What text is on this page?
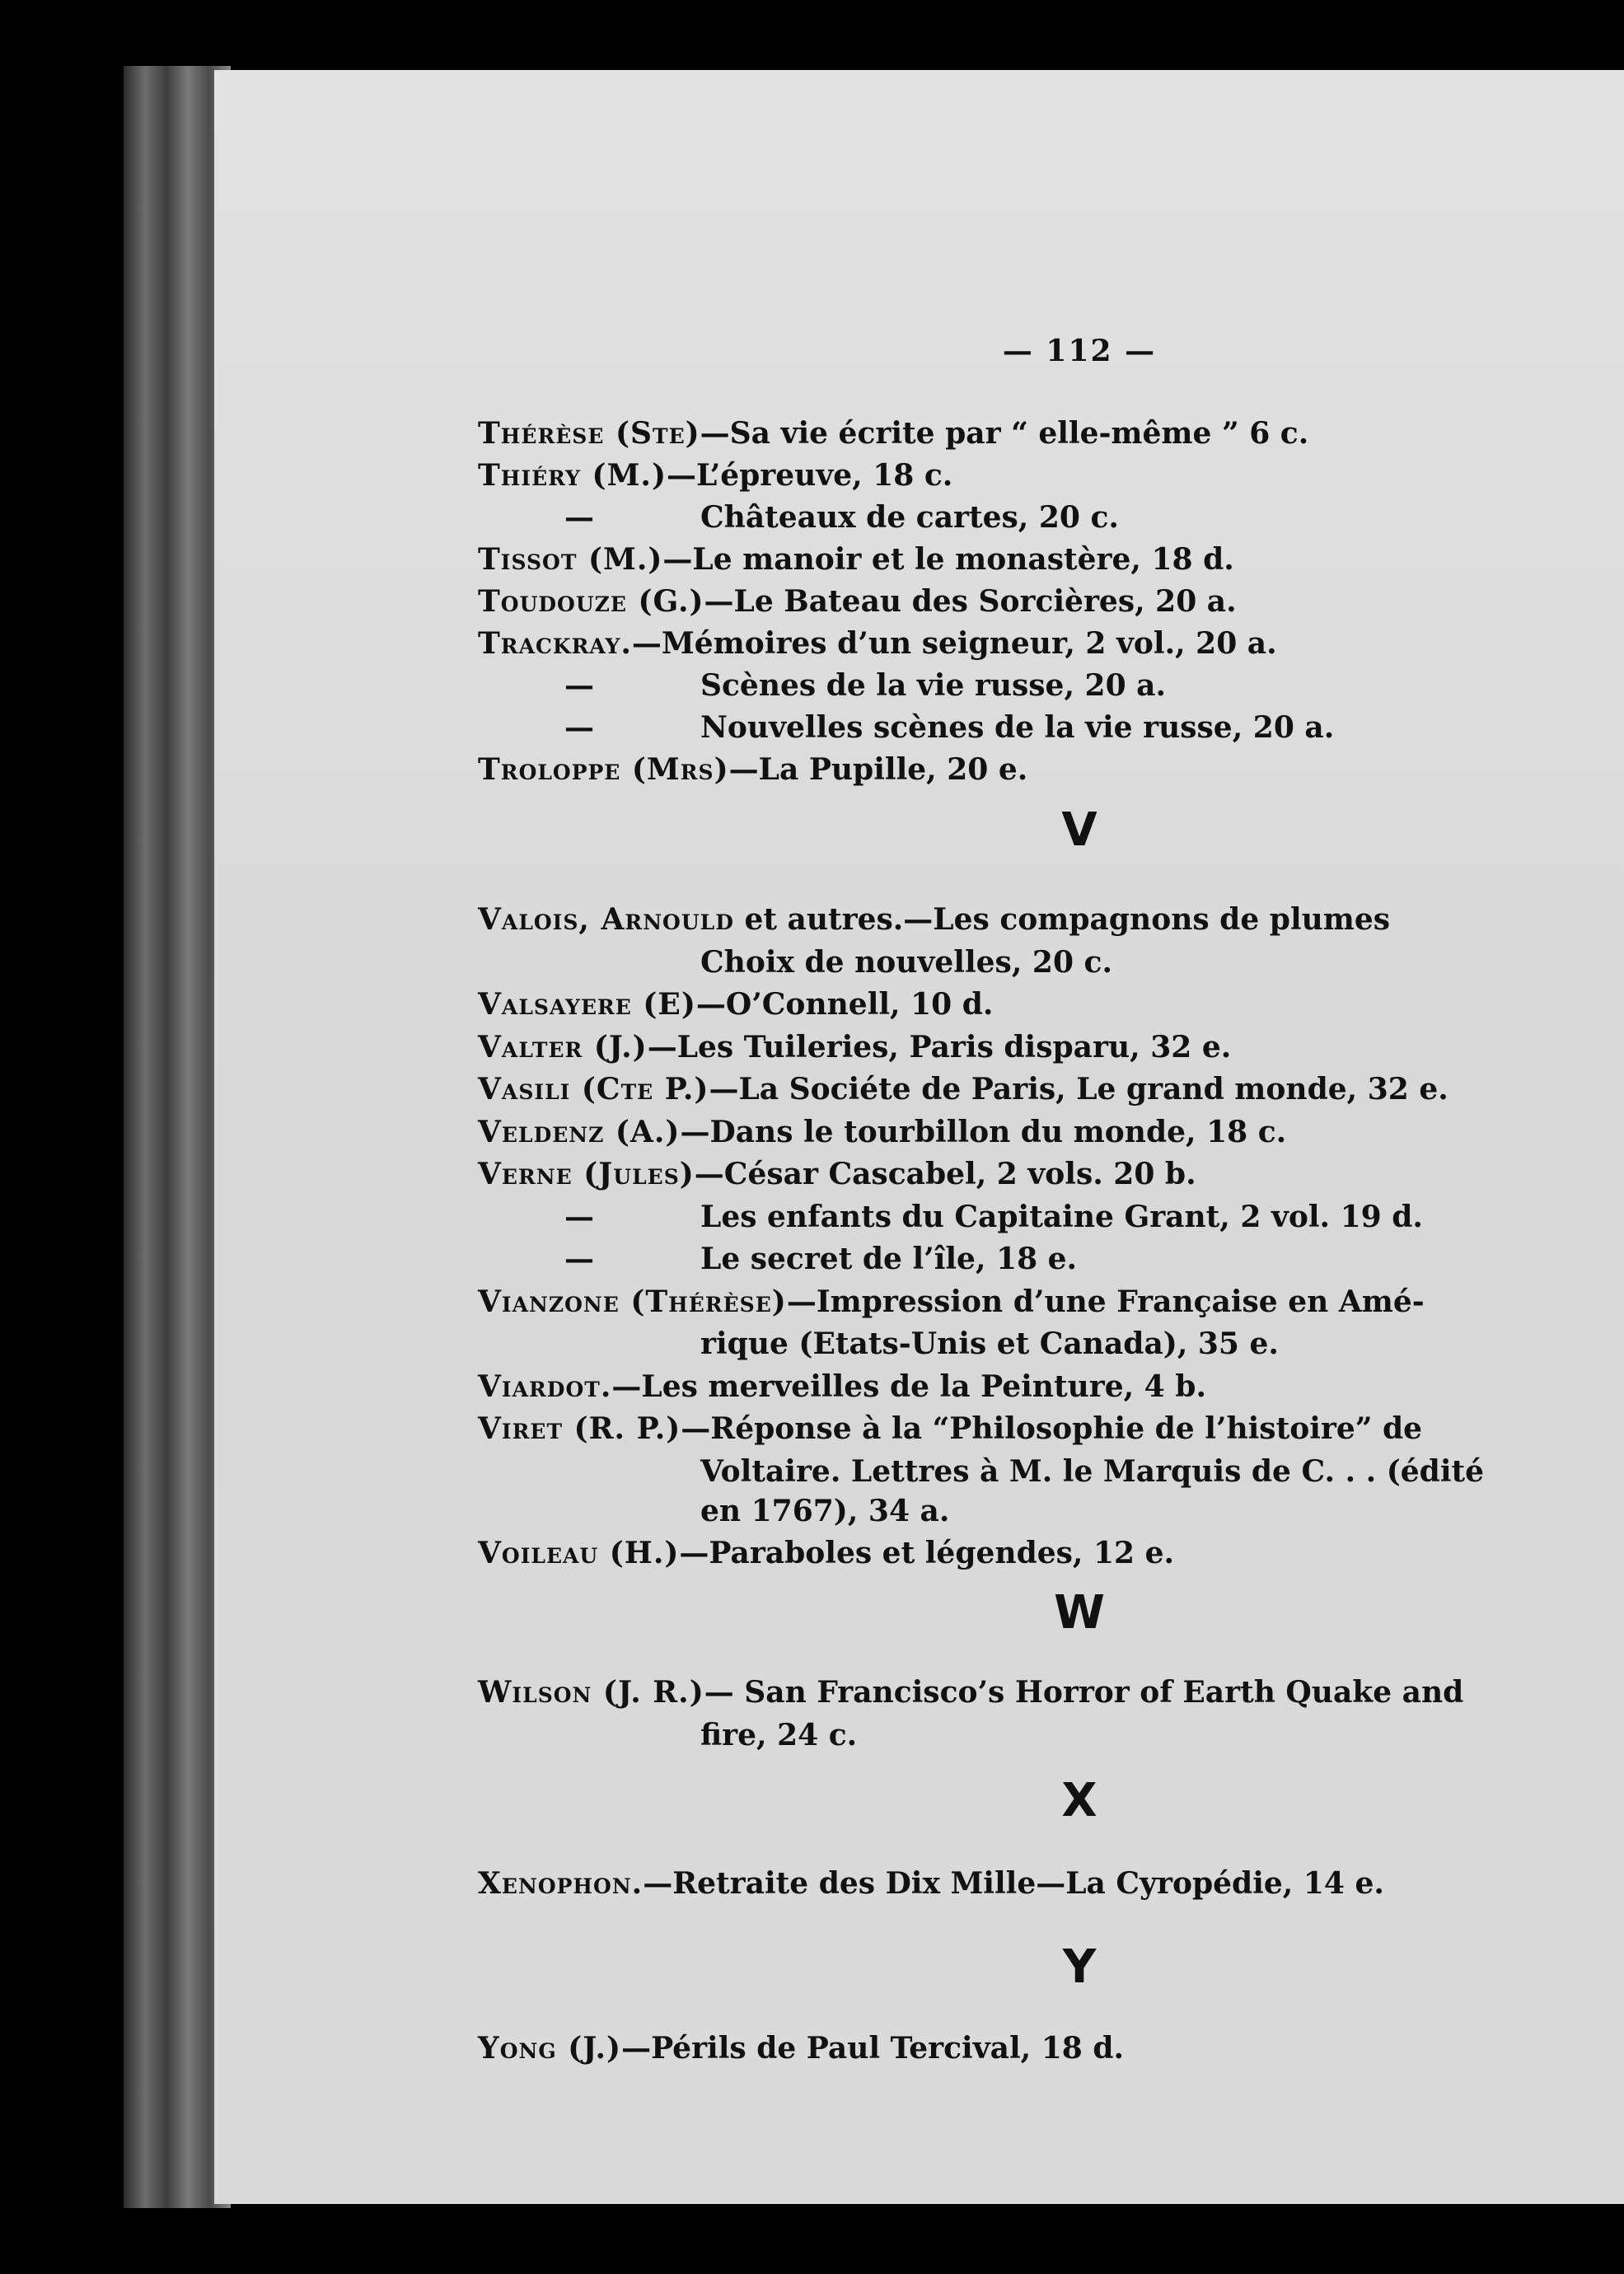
— 112 —
Thérèse (Ste)—Sa vie écrite par “ elle-même ” 6 c.
Thiéry (M.)—L’épreuve, 18 c.
—	Châteaux de cartes, 20 c.
Tissot (M.)—Le manoir et le monastère, 18 d.
Toudouze (G.)—Le Bateau des Sorcières, 20 a.
Trackray.—Mémoires d’un seigneur, 2 vol., 20 a.
—	Scènes de la vie russe, 20 a.
—	Nouvelles scènes de la vie russe, 20 a.
Troloppe (Mrs)—La Pupille, 20 e.
V
Valois, Arnould et autres.—Les compagnons de plumes
Choix de nouvelles, 20 c.
Valsayere (E)—O’Connell, 10 d.
Valter (J.)—Les Tuileries, Paris disparu, 32 e.
Vasili (Cte P.)—La Sociéte de Paris, Le grand monde, 32 e.
Veldenz (A.)—Dans le tourbillon du monde, 18 c.
Verne (Jules)—César Cascabel, 2 vols. 20 b.
—	Les enfants du Capitaine Grant, 2 vol. 19 d.
—	Le secret de l’île, 18 e.
Vianzone (Thérèse)—Impression d’une Française en Amé-
rique (Etats-Unis et Canada), 35 e.
Viardot.—Les merveilles de la Peinture, 4 b.
Viret (R. P.)—Réponse à la “Philosophie de l’histoire” de
Voltaire. Lettres à M. le Marquis de C. . . (édité
en 1767), 34 a.
Voileau (H.)—Paraboles et légendes, 12 e.
W
Wilson (J. R.)— San Francisco’s Horror of Earth Quake and
fire, 24 c.
X
Xenophon.—Retraite des Dix Mille—La Cyropédie, 14 e.
Y
Yong (J.)—Périls de Paul Tercival, 18 d.
